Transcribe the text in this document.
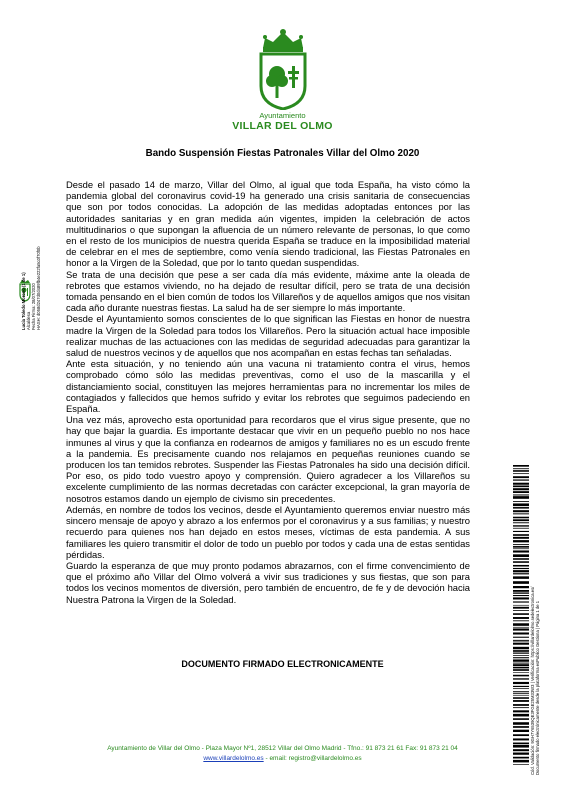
Ayuntamiento
VILLAR DEL OLMO
Bando Suspensión Fiestas Patronales Villar del Olmo 2020

Desde el pasado 14 de marzo, Villar del Olmo, al igual que toda España, ha visto cómo la pandemia global del coronavirus covid-19 ha generado una crisis sanitaria de consecuencias que son por todos conocidas. La adopción de las medidas adoptadas entonces por las autoridades sanitarias y en gran medida aún vigentes, impiden la celebración de actos multitudinarios o que supongan la afluencia de un número relevante de personas, lo que como en el resto de los municipios de nuestra querida España se traduce en la imposibilidad material de celebrar en el mes de septiembre, como venía siendo tradicional, las Fiestas Patronales en honor a la Virgen de la Soledad, que por lo tanto quedan suspendidas.

Se trata de una decisión que pese a ser cada día más evidente, máxime ante la oleada de rebrotes que estamos viviendo, no ha dejado de resultar difícil, pero se trata de una decisión tomada pensando en el bien común de todos los Villareños y de aquellos amigos que nos visitan cada año durante nuestras fiestas. La salud ha de ser siempre lo más importante.

Desde el Ayuntamiento somos conscientes de lo que significan las Fiestas en honor de nuestra madre la Virgen de la Soledad para todos los Villareños. Pero la situación actual hace imposible realizar muchas de las actuaciones con las medidas de seguridad adecuadas para garantizar la salud de nuestros vecinos y de aquellos que nos acompañan en estas fechas tan señaladas.

Ante esta situación, y no teniendo aún una vacuna ni tratamiento contra el virus, hemos comprobado cómo sólo las medidas preventivas, como el uso de la mascarilla y el distanciamiento social, constituyen las mejores herramientas para no incrementar los miles de contagiados y fallecidos que hemos sufrido y evitar los rebrotes que seguimos padeciendo en España.

Una vez más, aprovecho esta oportunidad para recordaros que el virus sigue presente, que no hay que bajar la guardia. Es importante destacar que vivir en un pequeño pueblo no nos hace inmunes al virus y que la confianza en rodearnos de amigos y familiares no es un escudo frente a la pandemia. Es precisamente cuando nos relajamos en pequeñas reuniones cuando se producen los tan temidos rebrotes. Suspender las Fiestas Patronales ha sido una decisión difícil. Por eso, os pido todo vuestro apoyo y comprensión. Quiero agradecer a los Villareños su excelente cumplimiento de las normas decretadas con carácter excepcional, la gran mayoría de nosotros estamos dando un ejemplo de civismo sin precedentes.

Además, en nombre de todos los vecinos, desde el Ayuntamiento queremos enviar nuestro más sincero mensaje de apoyo y abrazo a los enfermos por el coronavirus y a sus familias; y nuestro recuerdo para quienes nos han dejado en estos meses, víctimas de esta pandemia. A sus familiares les quiero transmitir el dolor de todo un pueblo por todos y cada una de estas sentidas pérdidas.

Guardo la esperanza de que muy pronto podamos abrazarnos, con el firme convencimiento de que el próximo año Villar del Olmo volverá a vivir sus tradiciones y sus fiestas, que son para todos los vecinos momentos de diversión, pero también de encuentro, de fe y de devoción hacia Nuestra Patrona la Virgen de la Soledad.

DOCUMENTO FIRMADO ELECTRONICAMENTE
Ayuntamiento de Villar del Olmo - Plaza Mayor Nº1, 28512 Villar del Olmo Madrid - Tfno.: 91 873 21 61 Fax: 91 873 21 04
www.villardelolmo.es - email: registro@villardelolmo.es
Lucía Toledo Moreno (1 de 1) Alcaldesa Fecha Firma: 28/07/2020 HASH: d058d247d0d489fb4e222fa5c0f70f0b
Cód. Validación: 9GH7Y6539QE3FGE25M33W3 | Verificación: https://villardelolmo.sedelectronica.es/ Documento firmado electrónicamente desde la plataforma esPublico Gestiona | Página 1 de 1
